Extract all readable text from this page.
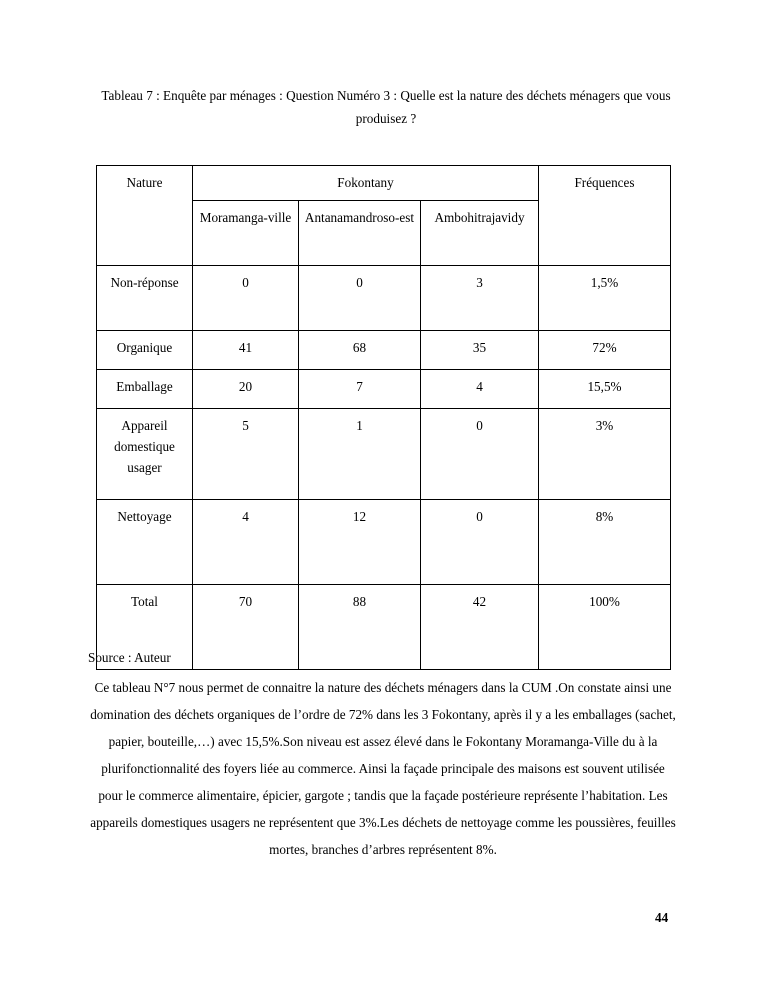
Tableau 7 : Enquête par ménages : Question Numéro 3 : Quelle est la nature des déchets ménagers que vous produisez ?
Nature	Fokontany			Fréquences
	Moramanga-ville	Antanamandroso-est	Ambohitrajavidy	
Non-réponse	0	0	3	1,5%
Organique	41	68	35	72%
Emballage	20	7	4	15,5%
Appareil domestique usager	5	1	0	3%
Nettoyage	4	12	0	8%
Total	70	88	42	100%
Source : Auteur
Ce tableau N°7 nous permet de connaitre la nature des déchets ménagers dans la CUM .On constate ainsi une domination des déchets organiques de l’ordre de 72% dans les 3 Fokontany, après il y a les emballages (sachet, papier, bouteille,…) avec 15,5%.Son niveau est assez élevé dans le Fokontany Moramanga-Ville du à la plurifonctionnalité des foyers liée au commerce. Ainsi la façade principale des maisons est souvent utilisée pour le commerce alimentaire, épicier, gargote ; tandis que la façade postérieure représente l’habitation. Les appareils domestiques usagers ne représentent que 3%.Les déchets de nettoyage comme les poussières, feuilles mortes, branches d’arbres représentent 8%.
44
